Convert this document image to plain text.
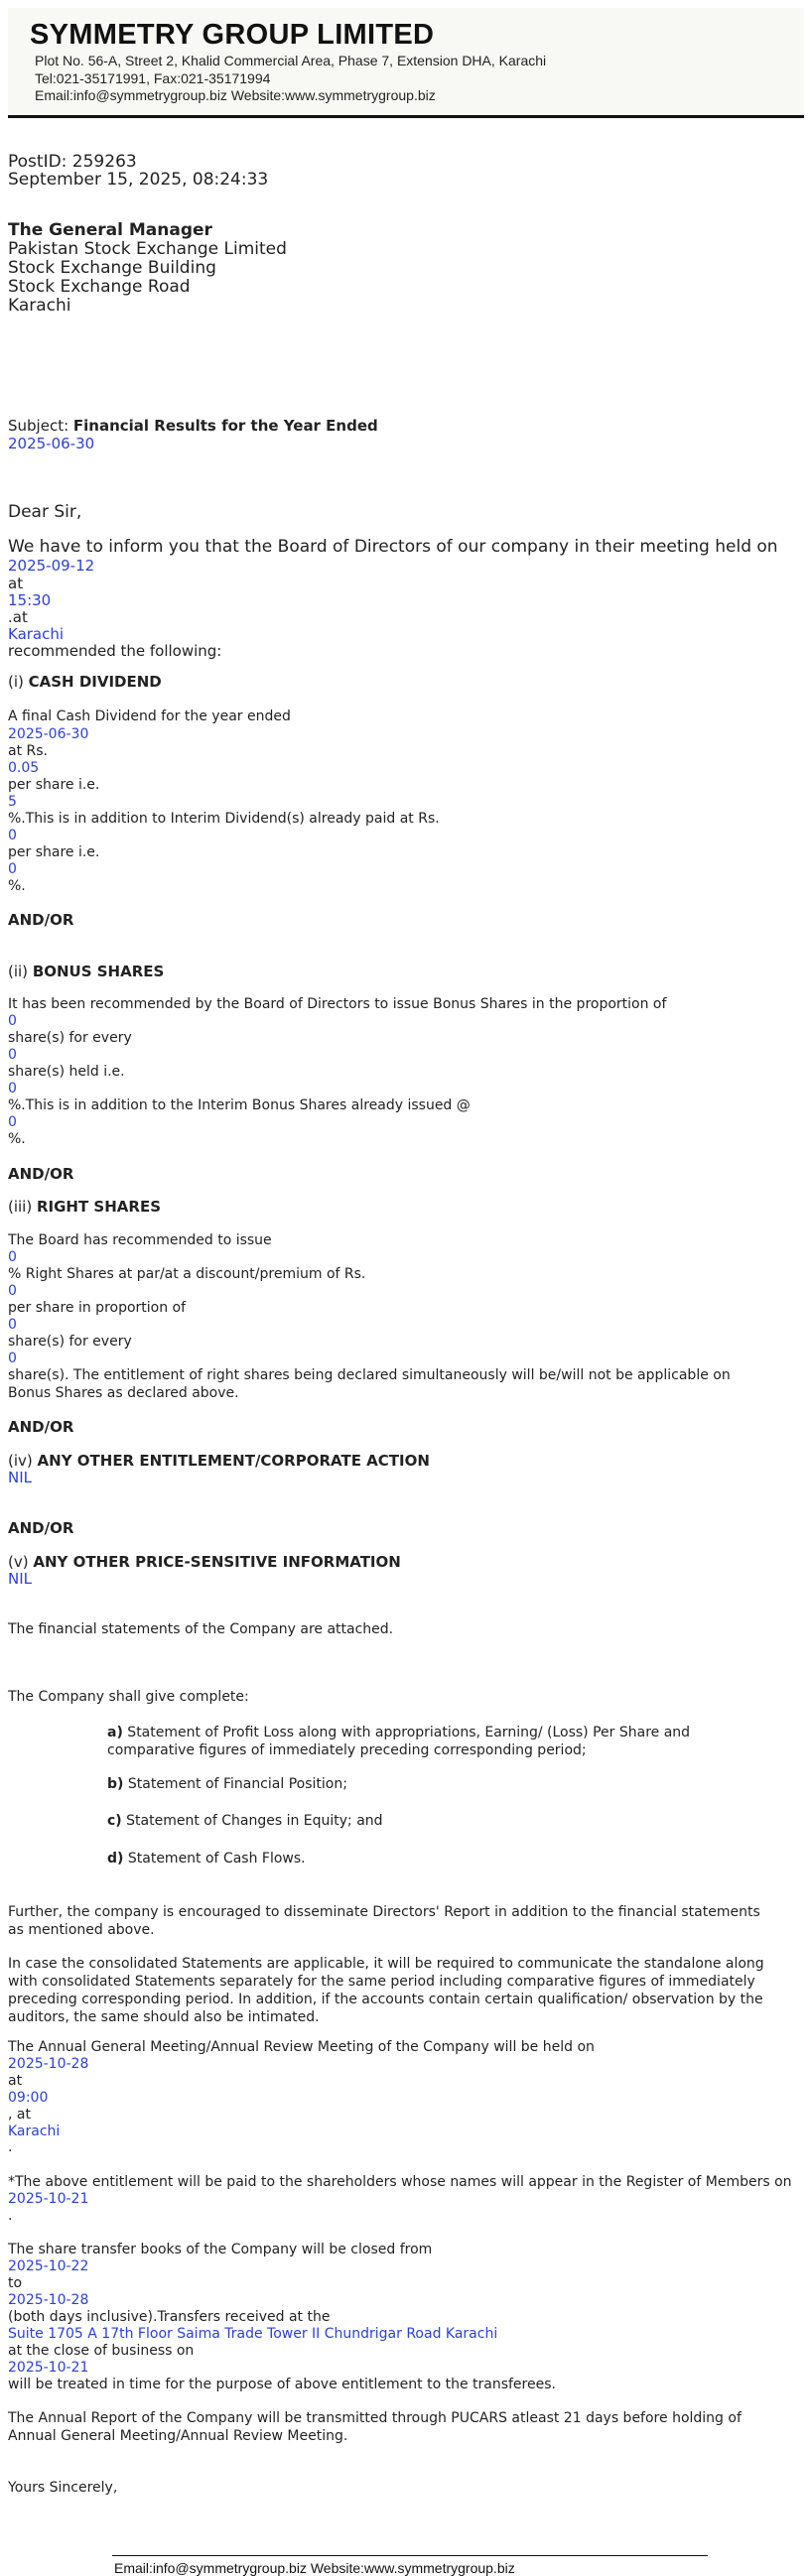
SYMMETRY GROUP LIMITED
Plot No. 56-A, Street 2, Khalid Commercial Area, Phase 7, Extension DHA, Karachi
Tel:021-35171991, Fax:021-35171994
Email:info@symmetrygroup.biz Website:www.symmetrygroup.biz
PostID: 259263
September 15, 2025, 08:24:33
The General Manager
Pakistan Stock Exchange Limited
Stock Exchange Building
Stock Exchange Road
Karachi
Subject: Financial Results for the Year Ended
2025-06-30
Dear Sir,
We have to inform you that the Board of Directors of our company in their meeting held on
2025-09-12
at
15:30
.at
Karachi
recommended the following:
(i) CASH DIVIDEND
A final Cash Dividend for the year ended
2025-06-30
at Rs.
0.05
per share i.e.
5
%.This is in addition to Interim Dividend(s) already paid at Rs.
0
per share i.e.
0
%.
AND/OR
(ii) BONUS SHARES
It has been recommended by the Board of Directors to issue Bonus Shares in the proportion of
0
share(s) for every
0
share(s) held i.e.
0
%.This is in addition to the Interim Bonus Shares already issued @
0
%.
AND/OR
(iii) RIGHT SHARES
The Board has recommended to issue
0
% Right Shares at par/at a discount/premium of Rs.
0
per share in proportion of
0
share(s) for every
0
share(s). The entitlement of right shares being declared simultaneously will be/will not be applicable on Bonus Shares as declared above.
AND/OR
(iv) ANY OTHER ENTITLEMENT/CORPORATE ACTION
NIL
AND/OR
(v) ANY OTHER PRICE-SENSITIVE INFORMATION
NIL
The financial statements of the Company are attached.
The Company shall give complete:
a) Statement of Profit Loss along with appropriations, Earning/ (Loss) Per Share and comparative figures of immediately preceding corresponding period;
b) Statement of Financial Position;
c) Statement of Changes in Equity; and
d) Statement of Cash Flows.
Further, the company is encouraged to disseminate Directors' Report in addition to the financial statements as mentioned above.
In case the consolidated Statements are applicable, it will be required to communicate the standalone along with consolidated Statements separately for the same period including comparative figures of immediately preceding corresponding period. In addition, if the accounts contain certain qualification/ observation by the auditors, the same should also be intimated.
The Annual General Meeting/Annual Review Meeting of the Company will be held on
2025-10-28
at
09:00
, at
Karachi
.
*The above entitlement will be paid to the shareholders whose names will appear in the Register of Members on
2025-10-21
.
The share transfer books of the Company will be closed from
2025-10-22
to
2025-10-28
(both days inclusive).Transfers received at the
Suite 1705 A 17th Floor Saima Trade Tower II Chundrigar Road Karachi
at the close of business on
2025-10-21
will be treated in time for the purpose of above entitlement to the transferees.
The Annual Report of the Company will be transmitted through PUCARS atleast 21 days before holding of Annual General Meeting/Annual Review Meeting.
Yours Sincerely,
Email:info@symmetrygroup.biz Website:www.symmetrygroup.biz
